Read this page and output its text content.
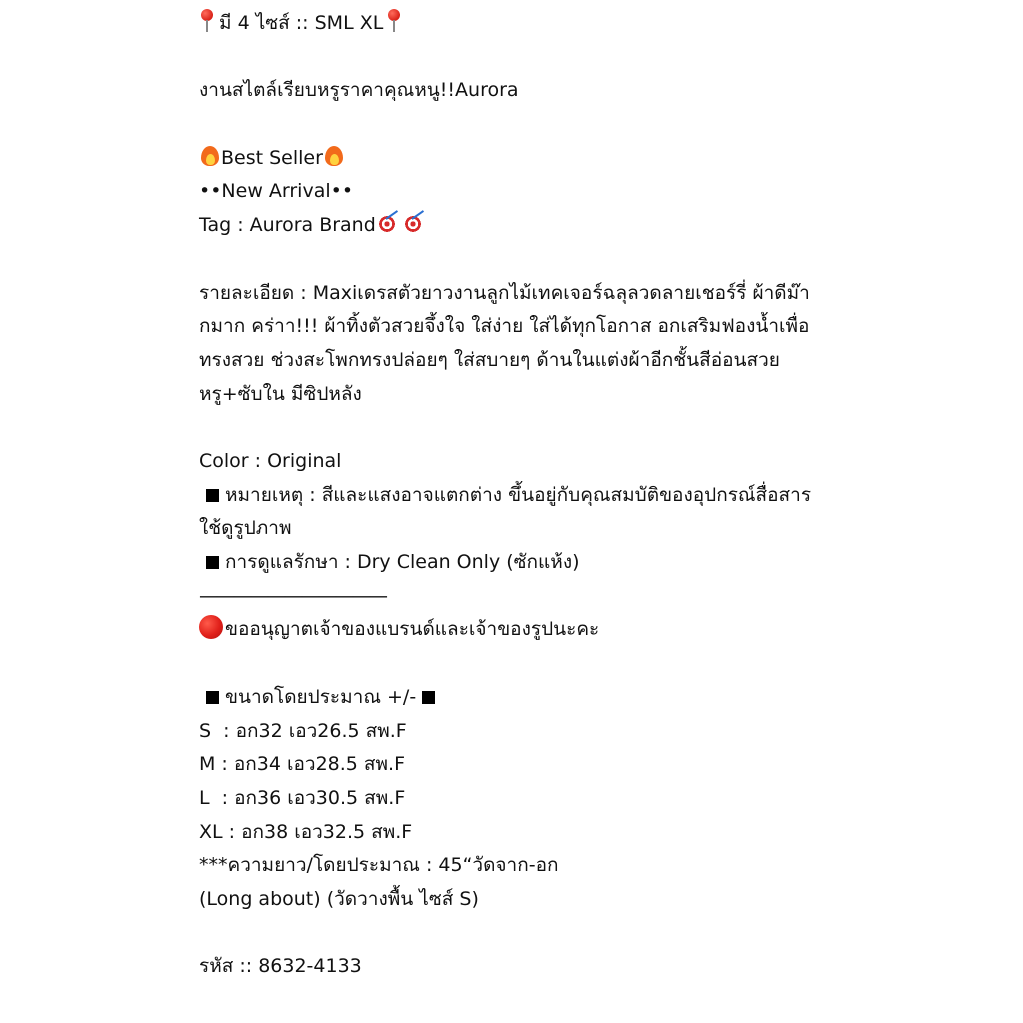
มี 4 ไซส์ :: SML XL
งานสไตล์เรียบหรูราคาคุณหนู!!Aurora
Best Seller
••New Arrival••
Tag : Aurora Brand
รายละเอียด : Maxiเดรสตัวยาวงานลูกไม้เทคเจอร์ฉลุลวดลายเชอร์รี่ ผ้าดีม๊ากมาก คร่าา!!! ผ้าทิ้งตัวสวยจึ้งใจ ใส่ง่าย ใส่ได้ทุกโอกาส อกเสริมฟองน้ำเพื่อทรงสวย ช่วงสะโพกทรงปล่อยๆ ใส่สบายๆ ด้านในแต่งผ้าอีกชั้นสีอ่อนสวยหรู+ซับใน มีซิปหลัง
Color : Original
หมายเหตุ : สีและแสงอาจแตกต่าง ขึ้นอยู่กับคุณสมบัติของอุปกรณ์สื่อสารใช้ดูรูปภาพ
การดูแลรักษา : Dry Clean Only (ซักแห้ง)
———————————
ขออนุญาตเจ้าของแบรนด์และเจ้าของรูปนะคะ
ขนาดโดยประมาณ +/-
S  : อก32 เอว26.5 สพ.F
M : อก34 เอว28.5 สพ.F
L  : อก36 เอว30.5 สพ.F
XL : อก38 เอว32.5 สพ.F
***ความยาว/โดยประมาณ : 45“วัดจาก-อก
(Long about) (วัดวางพื้น ไซส์ S)
รหัส :: 8632-4133
